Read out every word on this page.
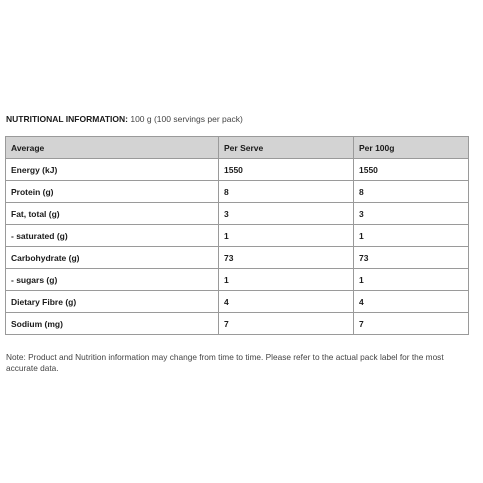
NUTRITIONAL INFORMATION: 100 g (100 servings per pack)
Average	Per Serve	Per 100g
Energy (kJ)	1550	1550
Protein (g)	8	8
Fat, total (g)	3	3
- saturated (g)	1	1
Carbohydrate (g)	73	73
- sugars (g)	1	1
Dietary Fibre (g)	4	4
Sodium (mg)	7	7
Note: Product and Nutrition information may change from time to time. Please refer to the actual pack label for the most accurate data.
